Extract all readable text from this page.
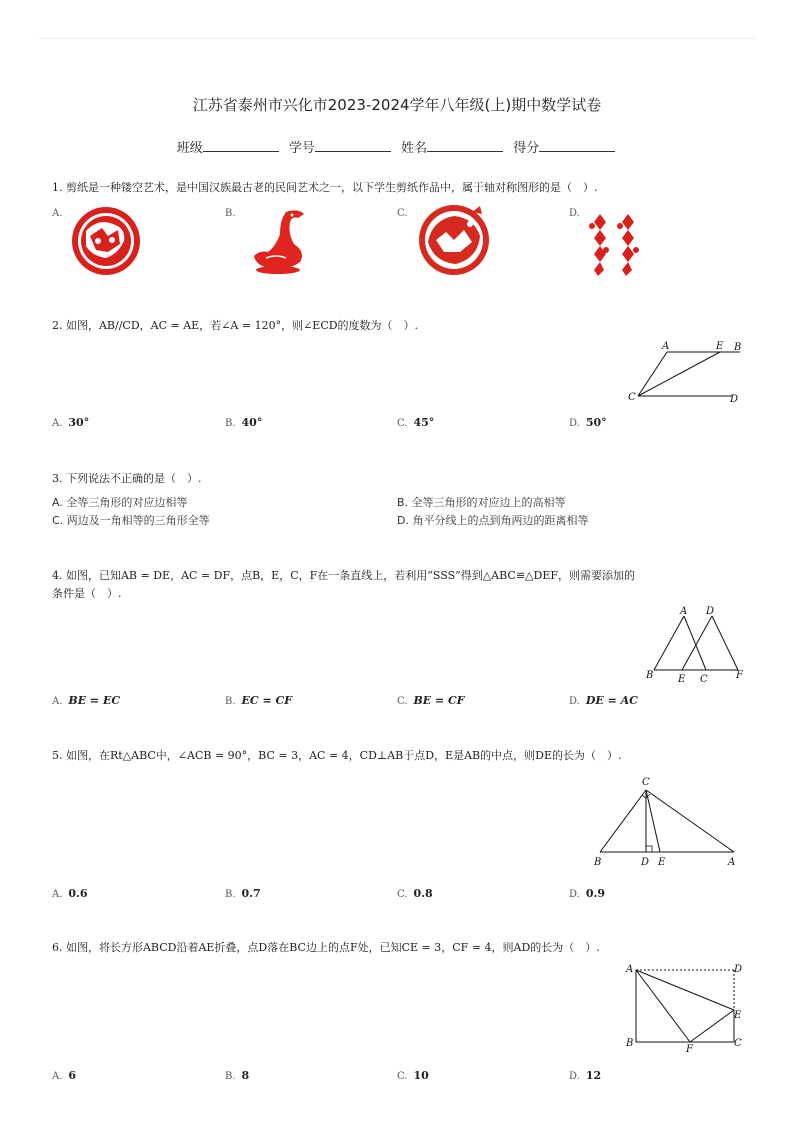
江苏省泰州市兴化市2023-2024学年八年级(上)期中数学试卷
班级	学号	姓名	得分
1. 剪纸是一种镂空艺术，是中国汉族最古老的民间艺术之一，以下学生剪纸作品中，属于轴对称图形的是（　）.
A.	B.	C.	D.
2. 如图，AB//CD，AC = AE，若∠A = 120°，则∠ECD的度数为（　）.
A	E B
C	D
A. 30°	B. 40°	C. 45°	D. 50°
3. 下列说法不正确的是（　）.
A. 全等三角形的对应边相等	B. 全等三角形的对应边上的高相等
C. 两边及一角相等的三角形全等	D. 角平分线上的点到角两边的距离相等
4. 如图，已知AB = DE，AC = DF，点B，E，C，F在一条直线上，若利用“SSS”得到△ABC≌△DEF，则需要添加的
条件是（　）.
A D
B E C	F
A. BE = EC	B. EC = CF	C. BE = CF	D. DE = AC
5. 如图，在Rt△ABC中，∠ACB = 90°，BC = 3，AC = 4，CD⊥AB于点D，E是AB的中点，则DE的长为（　）.
C
B	D E	A
A. 0.6	B. 0.7	C. 0.8	D. 0.9
6. 如图，将长方形ABCD沿着AE折叠，点D落在BC边上的点F处，已知CE = 3，CF = 4，则AD的长为（　）.
A	D
E
B
F
C
A. 6	B. 8	C. 10	D. 12
